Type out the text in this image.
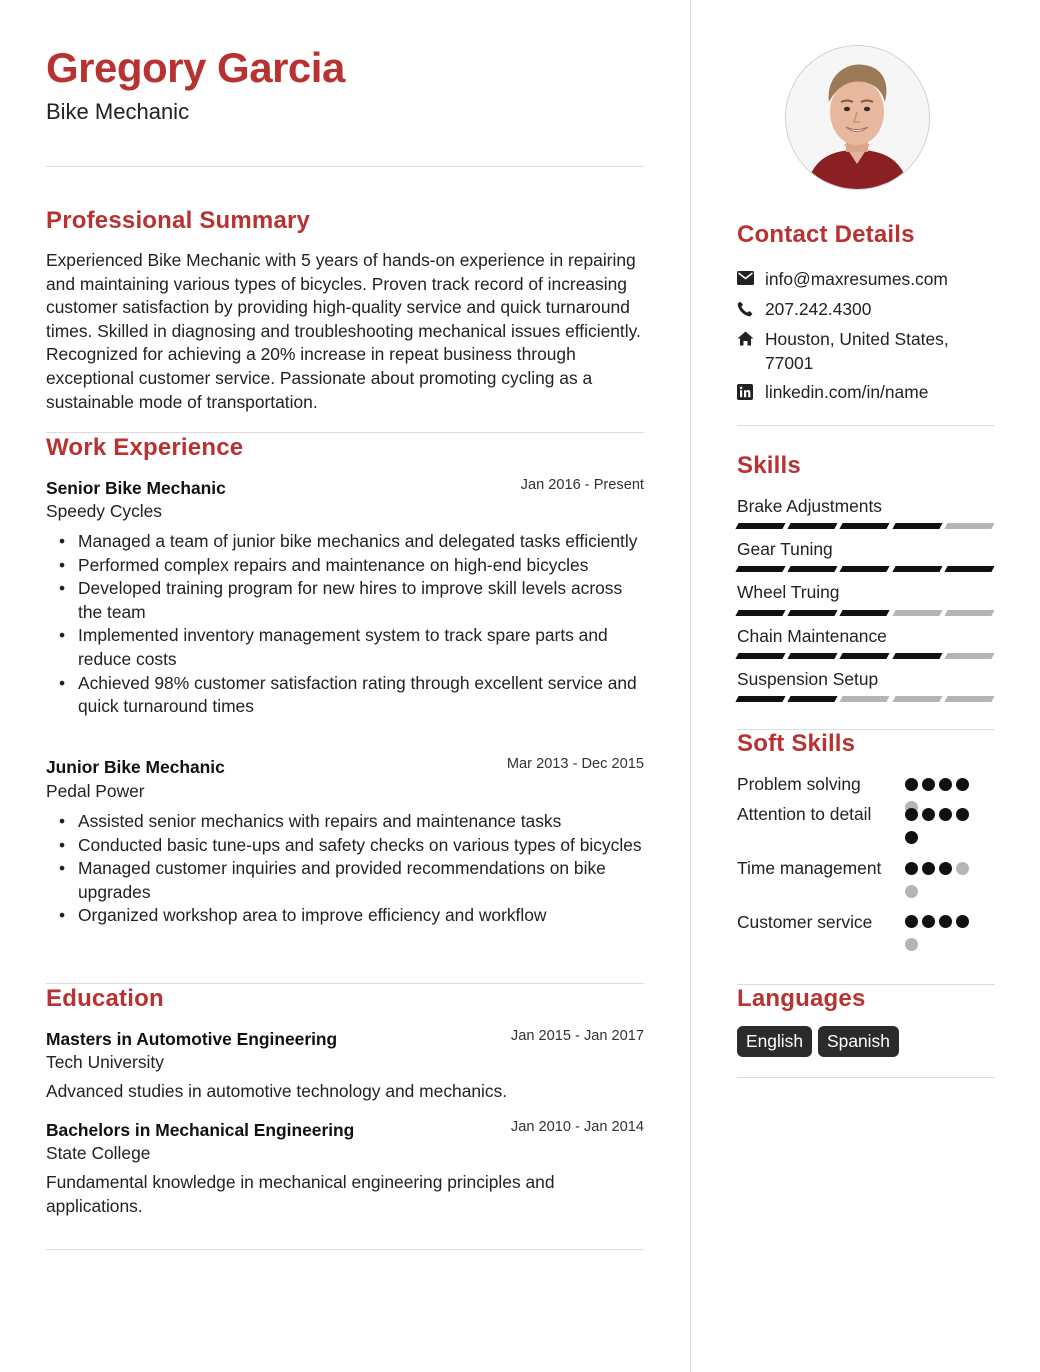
Gregory Garcia
Bike Mechanic
Professional Summary
Experienced Bike Mechanic with 5 years of hands-on experience in repairing and maintaining various types of bicycles. Proven track record of increasing customer satisfaction by providing high-quality service and quick turnaround times. Skilled in diagnosing and troubleshooting mechanical issues efficiently. Recognized for achieving a 20% increase in repeat business through exceptional customer service. Passionate about promoting cycling as a sustainable mode of transportation.
Work Experience
Senior Bike Mechanic	Jan 2016 - Present
Speedy Cycles
• Managed a team of junior bike mechanics and delegated tasks efficiently
• Performed complex repairs and maintenance on high-end bicycles
• Developed training program for new hires to improve skill levels across the team
• Implemented inventory management system to track spare parts and reduce costs
• Achieved 98% customer satisfaction rating through excellent service and quick turnaround times
Junior Bike Mechanic	Mar 2013 - Dec 2015
Pedal Power
• Assisted senior mechanics with repairs and maintenance tasks
• Conducted basic tune-ups and safety checks on various types of bicycles
• Managed customer inquiries and provided recommendations on bike upgrades
• Organized workshop area to improve efficiency and workflow
Education
Masters in Automotive Engineering	Jan 2015 - Jan 2017
Tech University
Advanced studies in automotive technology and mechanics.
Bachelors in Mechanical Engineering	Jan 2010 - Jan 2014
State College
Fundamental knowledge in mechanical engineering principles and applications.
Contact Details
info@maxresumes.com
207.242.4300
Houston, United States, 77001
linkedin.com/in/name
Skills
Brake Adjustments
Gear Tuning
Wheel Truing
Chain Maintenance
Suspension Setup
Soft Skills
Problem solving
Attention to detail
Time management
Customer service
Languages
English	Spanish
